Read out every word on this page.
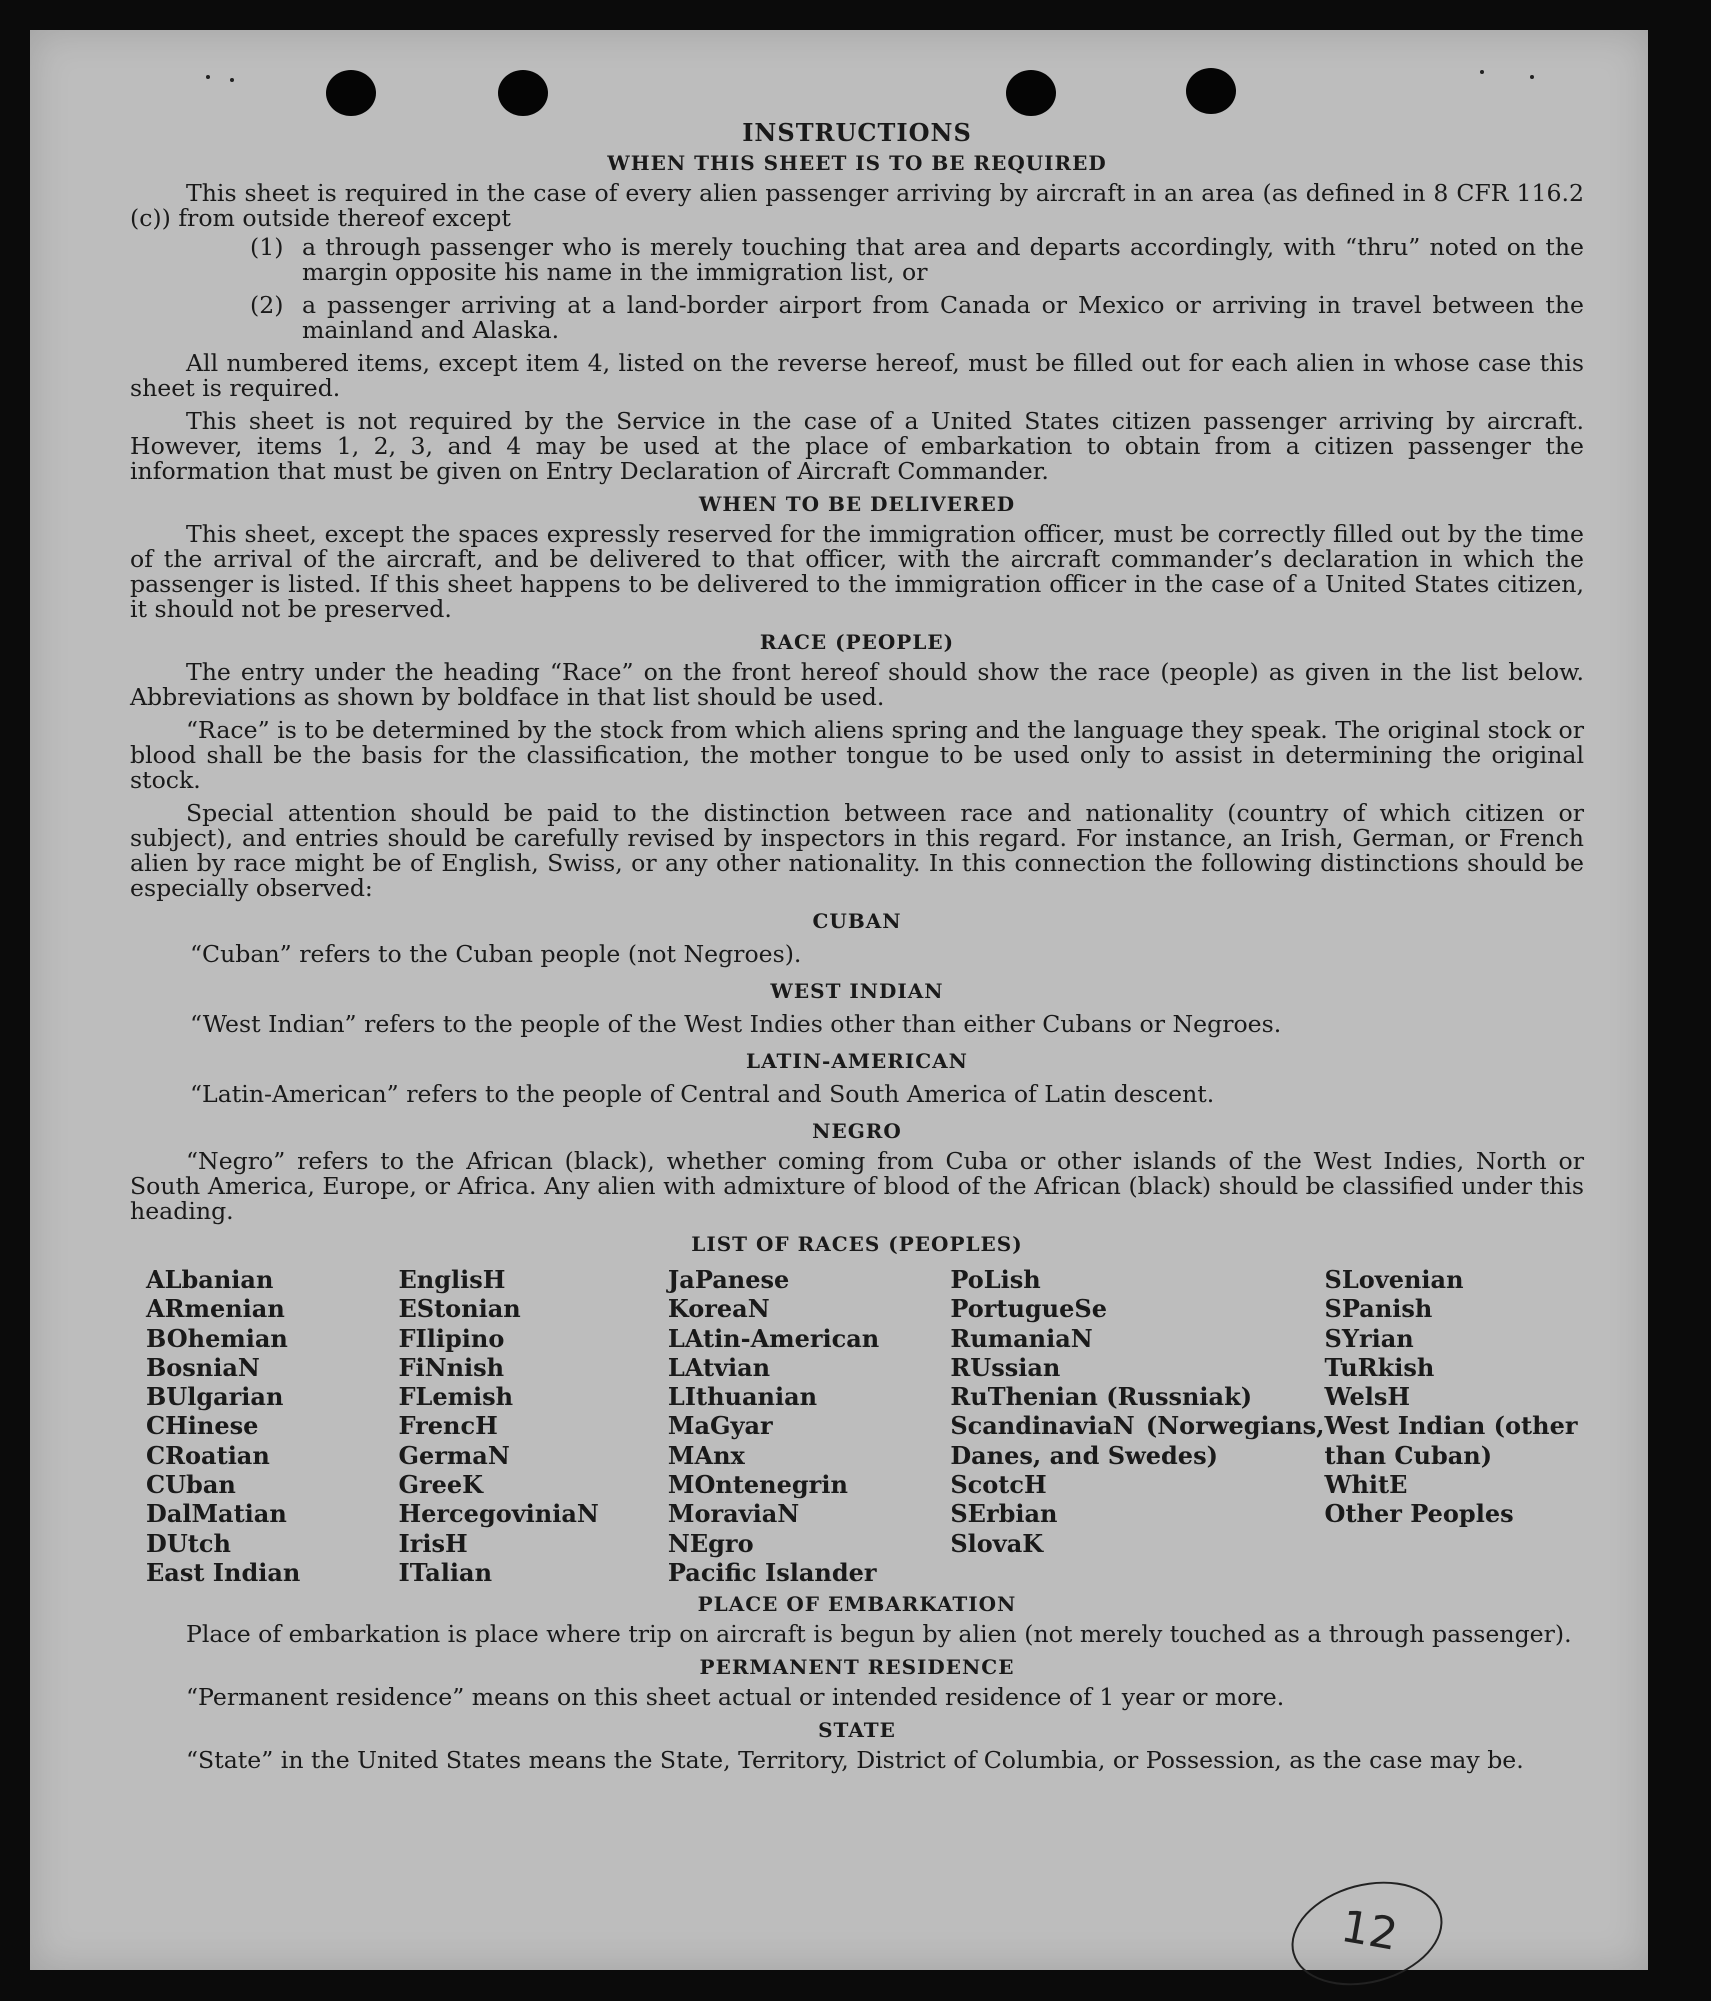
INSTRUCTIONS
WHEN THIS SHEET IS TO BE REQUIRED
This sheet is required in the case of every alien passenger arriving by aircraft in an area (as defined in 8 CFR 116.2 (c)) from outside thereof except
(1) a through passenger who is merely touching that area and departs accordingly, with “thru” noted on the margin opposite his name in the immigration list, or
(2) a passenger arriving at a land-border airport from Canada or Mexico or arriving in travel between the mainland and Alaska.
All numbered items, except item 4, listed on the reverse hereof, must be filled out for each alien in whose case this sheet is required.
This sheet is not required by the Service in the case of a United States citizen passenger arriving by aircraft. However, items 1, 2, 3, and 4 may be used at the place of embarkation to obtain from a citizen passenger the information that must be given on Entry Declaration of Aircraft Commander.
WHEN TO BE DELIVERED
This sheet, except the spaces expressly reserved for the immigration officer, must be correctly filled out by the time of the arrival of the aircraft, and be delivered to that officer, with the aircraft commander’s declaration in which the passenger is listed. If this sheet happens to be delivered to the immigration officer in the case of a United States citizen, it should not be preserved.
RACE (PEOPLE)
The entry under the heading “Race” on the front hereof should show the race (people) as given in the list below. Abbreviations as shown by boldface in that list should be used.
“Race” is to be determined by the stock from which aliens spring and the language they speak. The original stock or blood shall be the basis for the classification, the mother tongue to be used only to assist in determining the original stock.
Special attention should be paid to the distinction between race and nationality (country of which citizen or subject), and entries should be carefully revised by inspectors in this regard. For instance, an Irish, German, or French alien by race might be of English, Swiss, or any other nationality. In this connection the following distinctions should be especially observed:
CUBAN
“Cuban” refers to the Cuban people (not Negroes).
WEST INDIAN
“West Indian” refers to the people of the West Indies other than either Cubans or Negroes.
LATIN-AMERICAN
“Latin-American” refers to the people of Central and South America of Latin descent.
NEGRO
“Negro” refers to the African (black), whether coming from Cuba or other islands of the West Indies, North or South America, Europe, or Africa. Any alien with admixture of blood of the African (black) should be classified under this heading.
LIST OF RACES (PEOPLES)
ALbanian
ARmenian
BOhemian
BosniaN
BUlgarian
CHinese
CRoatian
CUban
DalMatian
DUtch
East Indian
EnglisH
EStonian
FIlipino
FiNnish
FLemish
FrencH
GermaN
GreeK
HercegoviniaN
IrisH
ITalian
JaPanese
KoreaN
LAtin-American
LAtvian
LIthuanian
MaGyar
MAnx
MOntenegrin
MoraviaN
NEgro
Pacific Islander
PoLish
PortugueSe
RumaniaN
RUssian
RuThenian (Russniak)
ScandinaviaN (Norwegians, Danes, and Swedes)
ScotcH
SErbian
SlovaK
SLovenian
SPanish
SYrian
TuRkish
WelsH
West Indian (other than Cuban)
WhitE
Other Peoples
PLACE OF EMBARKATION
Place of embarkation is place where trip on aircraft is begun by alien (not merely touched as a through passenger).
PERMANENT RESIDENCE
“Permanent residence” means on this sheet actual or intended residence of 1 year or more.
STATE
“State” in the United States means the State, Territory, District of Columbia, or Possession, as the case may be.
12
